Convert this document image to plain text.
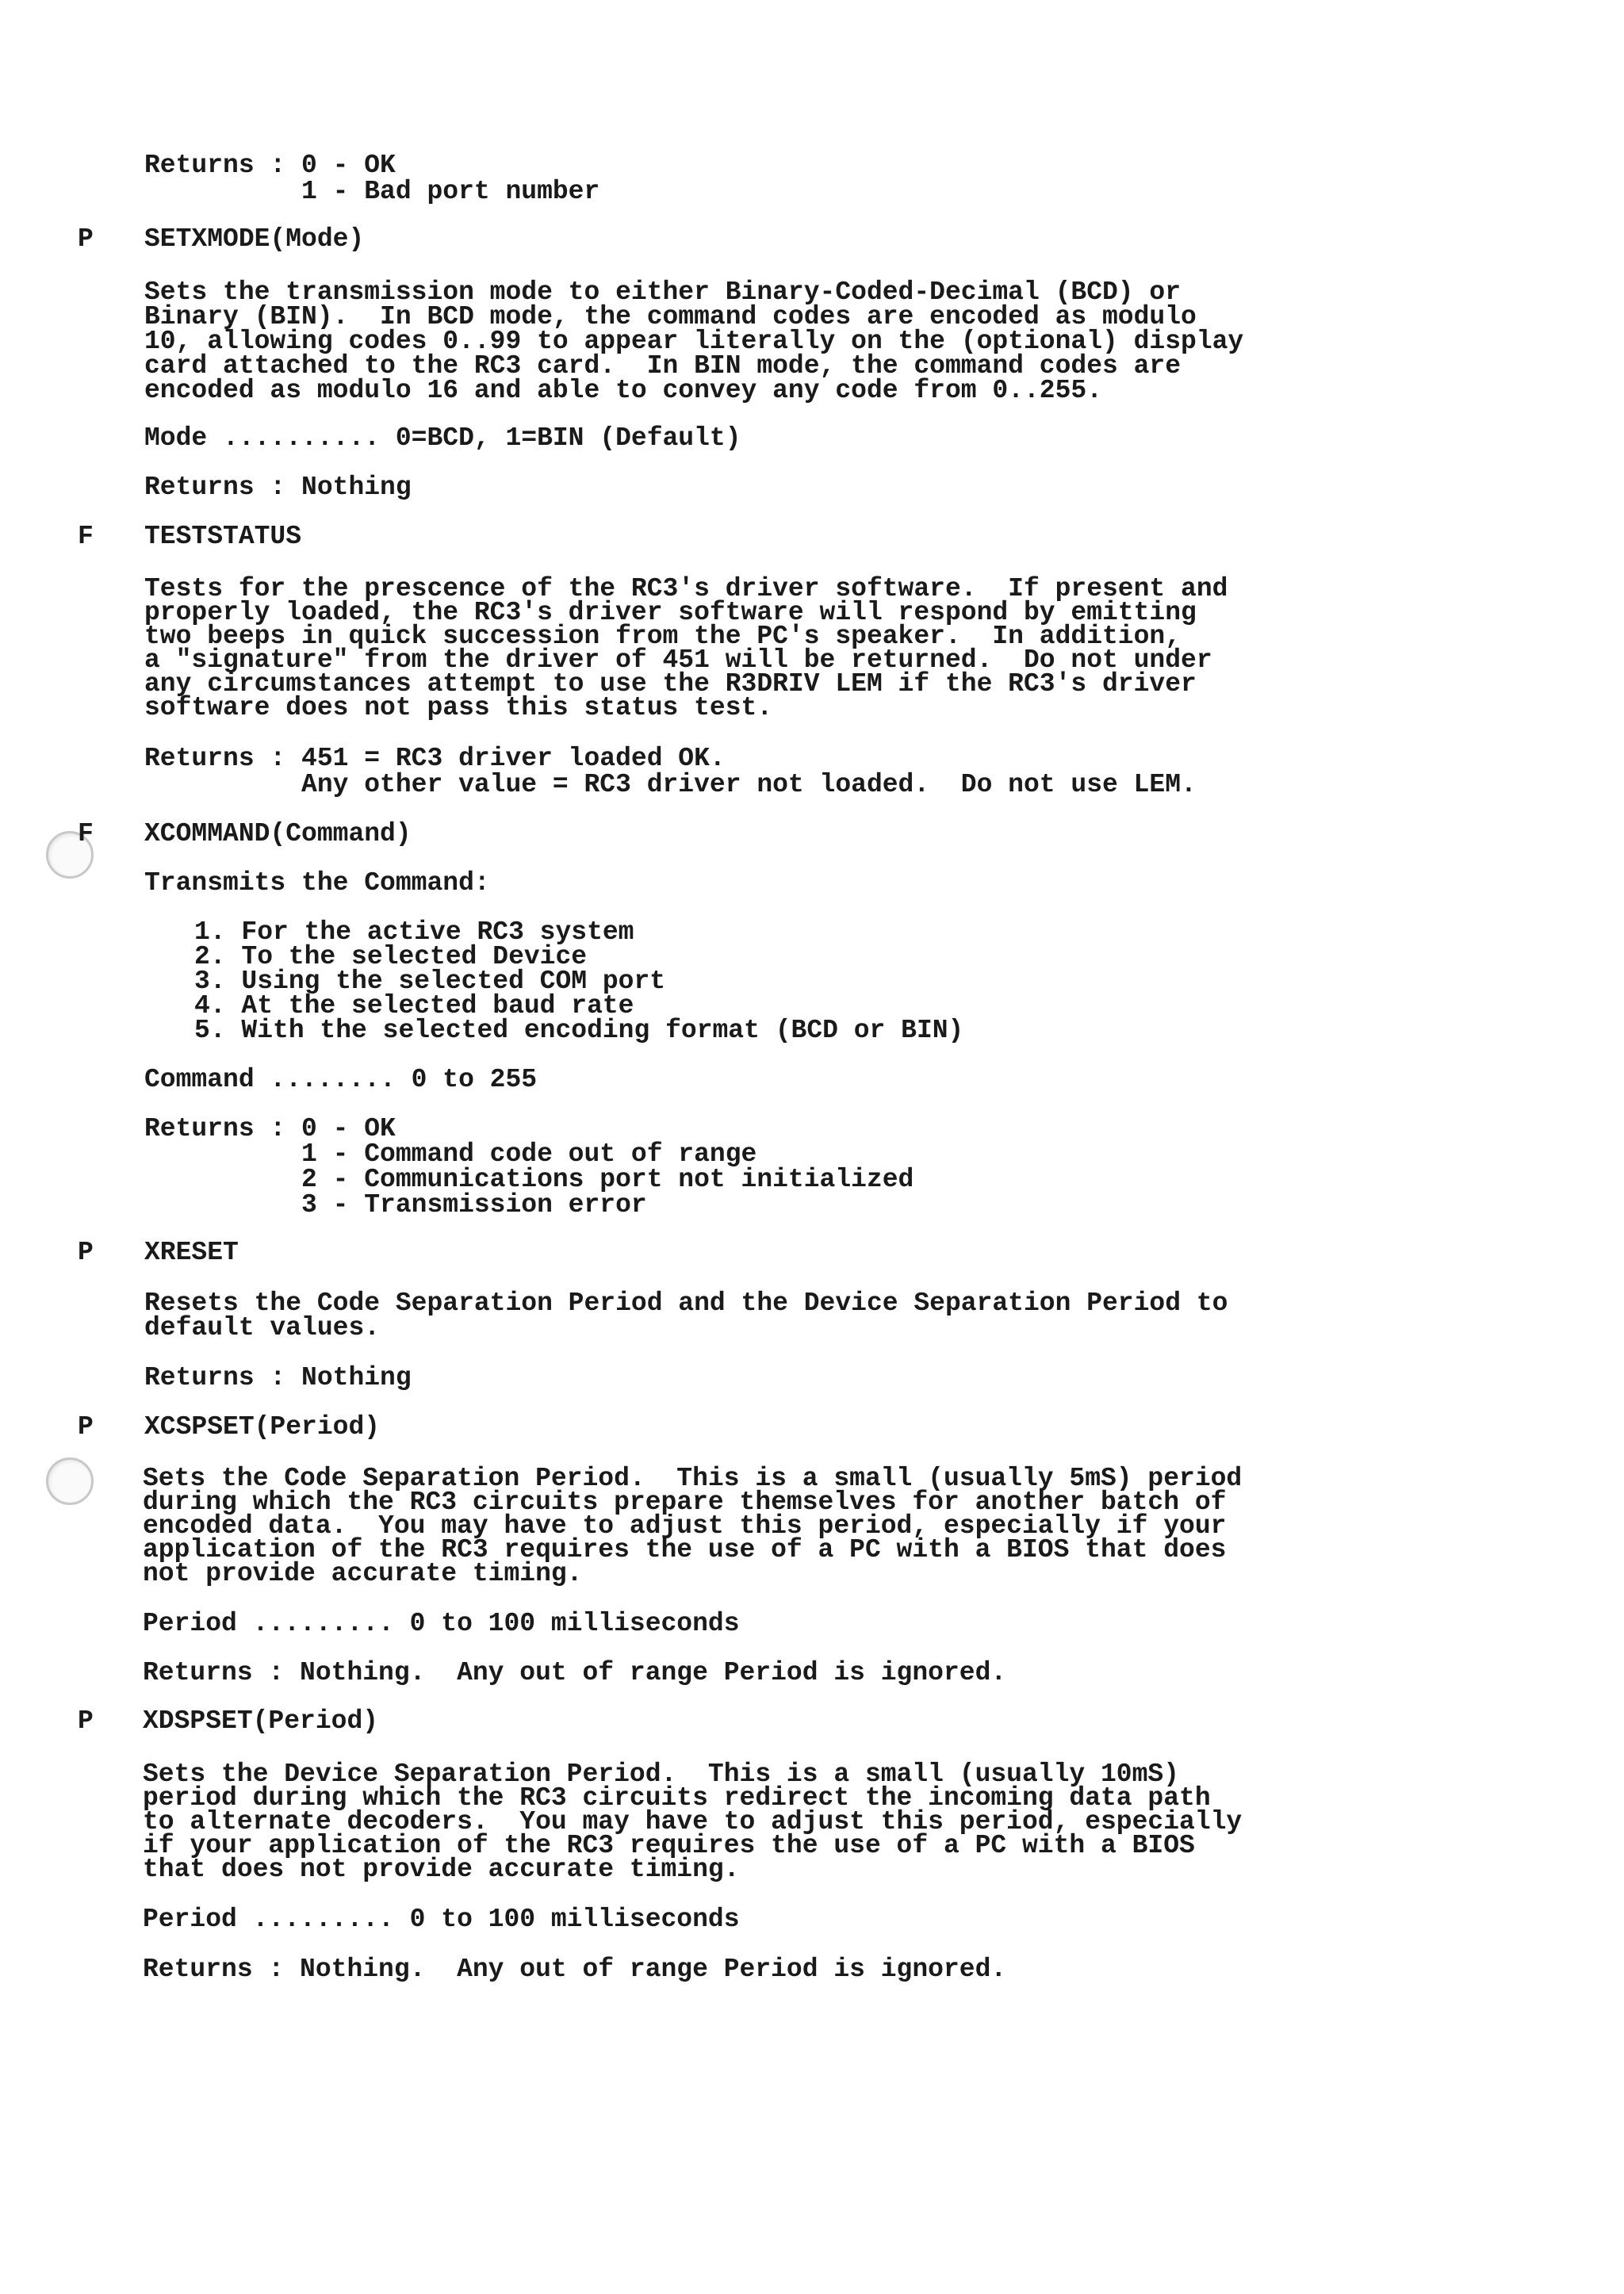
Returns : 0 - OK
1 - Bad port number
P SETXMODE(Mode)
Sets the transmission mode to either Binary-Coded-Decimal (BCD) or
Binary (BIN).  In BCD mode, the command codes are encoded as modulo
10, allowing codes 0..99 to appear literally on the (optional) display
card attached to the RC3 card.  In BIN mode, the command codes are
encoded as modulo 16 and able to convey any code from 0..255.
Mode .......... 0=BCD, 1=BIN (Default)
Returns : Nothing
F TESTSTATUS
Tests for the prescence of the RC3's driver software.  If present and
properly loaded, the RC3's driver software will respond by emitting
two beeps in quick succession from the PC's speaker.  In addition,
a "signature" from the driver of 451 will be returned.  Do not under
any circumstances attempt to use the R3DRIV LEM if the RC3's driver
software does not pass this status test.
Returns : 451 = RC3 driver loaded OK.
Any other value = RC3 driver not loaded.  Do not use LEM.
F XCOMMAND(Command)
Transmits the Command:
1. For the active RC3 system
2. To the selected Device
3. Using the selected COM port
4. At the selected baud rate
5. With the selected encoding format (BCD or BIN)
Command ........ 0 to 255
Returns : 0 - OK
1 - Command code out of range
2 - Communications port not initialized
3 - Transmission error
P XRESET
Resets the Code Separation Period and the Device Separation Period to
default values.
Returns : Nothing
P XCSPSET(Period)
Sets the Code Separation Period.  This is a small (usually 5mS) period
during which the RC3 circuits prepare themselves for another batch of
encoded data.  You may have to adjust this period, especially if your
application of the RC3 requires the use of a PC with a BIOS that does
not provide accurate timing.
Period ......... 0 to 100 milliseconds
Returns : Nothing.  Any out of range Period is ignored.
P XDSPSET(Period)
Sets the Device Separation Period.  This is a small (usually 10mS)
period during which the RC3 circuits redirect the incoming data path
to alternate decoders.  You may have to adjust this period, especially
if your application of the RC3 requires the use of a PC with a BIOS
that does not provide accurate timing.
Period ......... 0 to 100 milliseconds
Returns : Nothing.  Any out of range Period is ignored.
